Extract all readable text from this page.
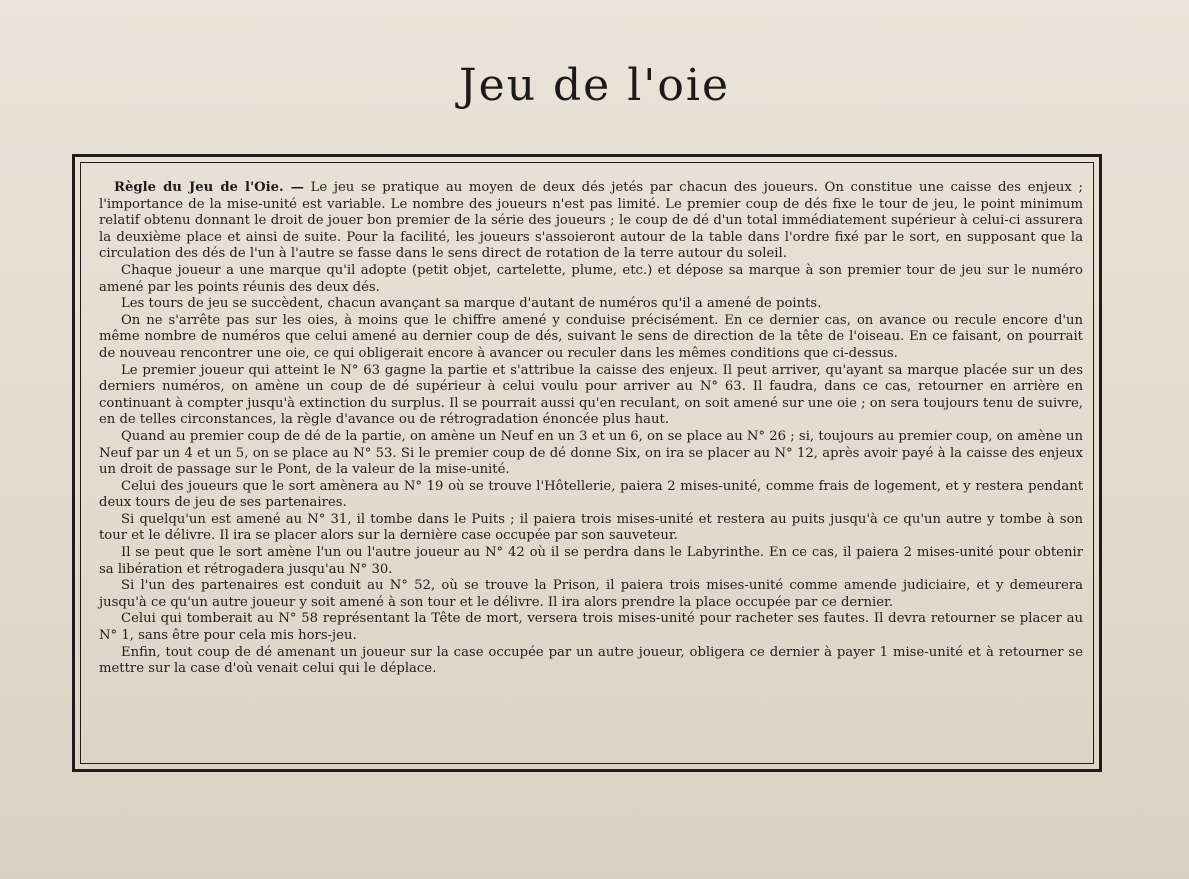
Jeu de l'oie

Règle du Jeu de l'Oie. — Le jeu se pratique au moyen de deux dés jetés par chacun des joueurs. On constitue une caisse des enjeux ; l'importance de la mise-unité est variable. Le nombre des joueurs n'est pas limité. Le premier coup de dés fixe le tour de jeu, le point minimum relatif obtenu donnant le droit de jouer bon premier de la série des joueurs ; le coup de dé d'un total immédiatement supérieur à celui-ci assurera la deuxième place et ainsi de suite. Pour la facilité, les joueurs s'assoieront autour de la table dans l'ordre fixé par le sort, en supposant que la circulation des dés de l'un à l'autre se fasse dans le sens direct de rotation de la terre autour du soleil.

Chaque joueur a une marque qu'il adopte (petit objet, cartelette, plume, etc.) et dépose sa marque à son premier tour de jeu sur le numéro amené par les points réunis des deux dés.

Les tours de jeu se succèdent, chacun avançant sa marque d'autant de numéros qu'il a amené de points.

On ne s'arrête pas sur les oies, à moins que le chiffre amené y conduise précisément. En ce dernier cas, on avance ou recule encore d'un même nombre de numéros que celui amené au dernier coup de dés, suivant le sens de direction de la tête de l'oiseau. En ce faisant, on pourrait de nouveau rencontrer une oie, ce qui obligerait encore à avancer ou reculer dans les mêmes conditions que ci-dessus.

Le premier joueur qui atteint le N° 63 gagne la partie et s'attribue la caisse des enjeux. Il peut arriver, qu'ayant sa marque placée sur un des derniers numéros, on amène un coup de dé supérieur à celui voulu pour arriver au N° 63. Il faudra, dans ce cas, retourner en arrière en continuant à compter jusqu'à extinction du surplus. Il se pourrait aussi qu'en reculant, on soit amené sur une oie ; on sera toujours tenu de suivre, en de telles circonstances, la règle d'avance ou de rétrogradation énoncée plus haut.

Quand au premier coup de dé de la partie, on amène un Neuf en un 3 et un 6, on se place au N° 26 ; si, toujours au premier coup, on amène un Neuf par un 4 et un 5, on se place au N° 53. Si le premier coup de dé donne Six, on ira se placer au N° 12, après avoir payé à la caisse des enjeux un droit de passage sur le Pont, de la valeur de la mise-unité.

Celui des joueurs que le sort amènera au N° 19 où se trouve l'Hôtellerie, paiera 2 mises-unité, comme frais de logement, et y restera pendant deux tours de jeu de ses partenaires.

Si quelqu'un est amené au N° 31, il tombe dans le Puits ; il paiera trois mises-unité et restera au puits jusqu'à ce qu'un autre y tombe à son tour et le délivre. Il ira se placer alors sur la dernière case occupée par son sauveteur.

Il se peut que le sort amène l'un ou l'autre joueur au N° 42 où il se perdra dans le Labyrinthe. En ce cas, il paiera 2 mises-unité pour obtenir sa libération et rétrogadera jusqu'au N° 30.

Si l'un des partenaires est conduit au N° 52, où se trouve la Prison, il paiera trois mises-unité comme amende judiciaire, et y demeurera jusqu'à ce qu'un autre joueur y soit amené à son tour et le délivre. Il ira alors prendre la place occupée par ce dernier.

Celui qui tomberait au N° 58 représentant la Tête de mort, versera trois mises-unité pour racheter ses fautes. Il devra retourner se placer au N° 1, sans être pour cela mis hors-jeu.

Enfin, tout coup de dé amenant un joueur sur la case occupée par un autre joueur, obligera ce dernier à payer 1 mise-unité et à retourner se mettre sur la case d'où venait celui qui le déplace.
